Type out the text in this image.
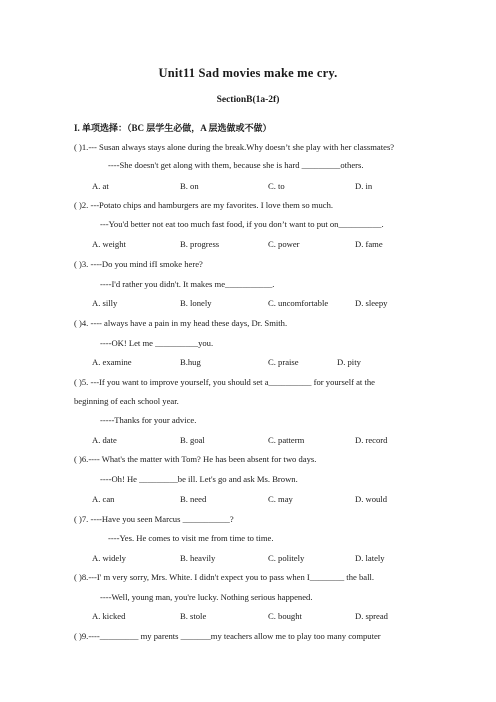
Unit11 Sad movies make me cry.
SectionB(1a-2f)
I. 单项选择：（BC 层学生必做，A 层选做或不做）
( )1.--- Susan always stays alone during the break.Why doesn’t she play with her classmates?
----She doesn't get along with them, because she is hard _________others.
A. at	B. on	C. to	D. in
( )2. ---Potato chips and hamburgers are my favorites. I love them so much.
---You'd better not eat too much fast food, if you don’t want to put on__________.
A. weight	B. progress	C. power	D. fame
( )3. ----Do you mind ifI smoke here?
----I'd rather you didn't. It makes me___________.
A. silly	B. lonely	C. uncomfortable	D. sleepy
( )4. ---- always have a pain in my head these days, Dr. Smith.
----OK! Let me __________you.
A. examine	B.hug	C. praise	D. pity
( )5. ---If you want to improve yourself, you should set a__________ for yourself at the
beginning of each school year.
-----Thanks for your advice.
A. date	B. goal	C. patterm	D. record
( )6.---- What's the matter with Tom? He has been absent for two days.
----Oh! He _________be ill. Let's go and ask Ms. Brown.
A. can	B. need	C. may	D. would
( )7. ----Have you seen Marcus ___________?
----Yes. He comes to visit me from time to time.
A. widely	B. heavily	C. politely	D. lately
( )8.---I' m very sorry, Mrs. White. I didn't expect you to pass when I________ the ball.
----Well, young man, you're lucky. Nothing serious happened.
A. kicked	B. stole	C. bought	D. spread
( )9.----_________ my parents _______my teachers allow me to play too many computer
